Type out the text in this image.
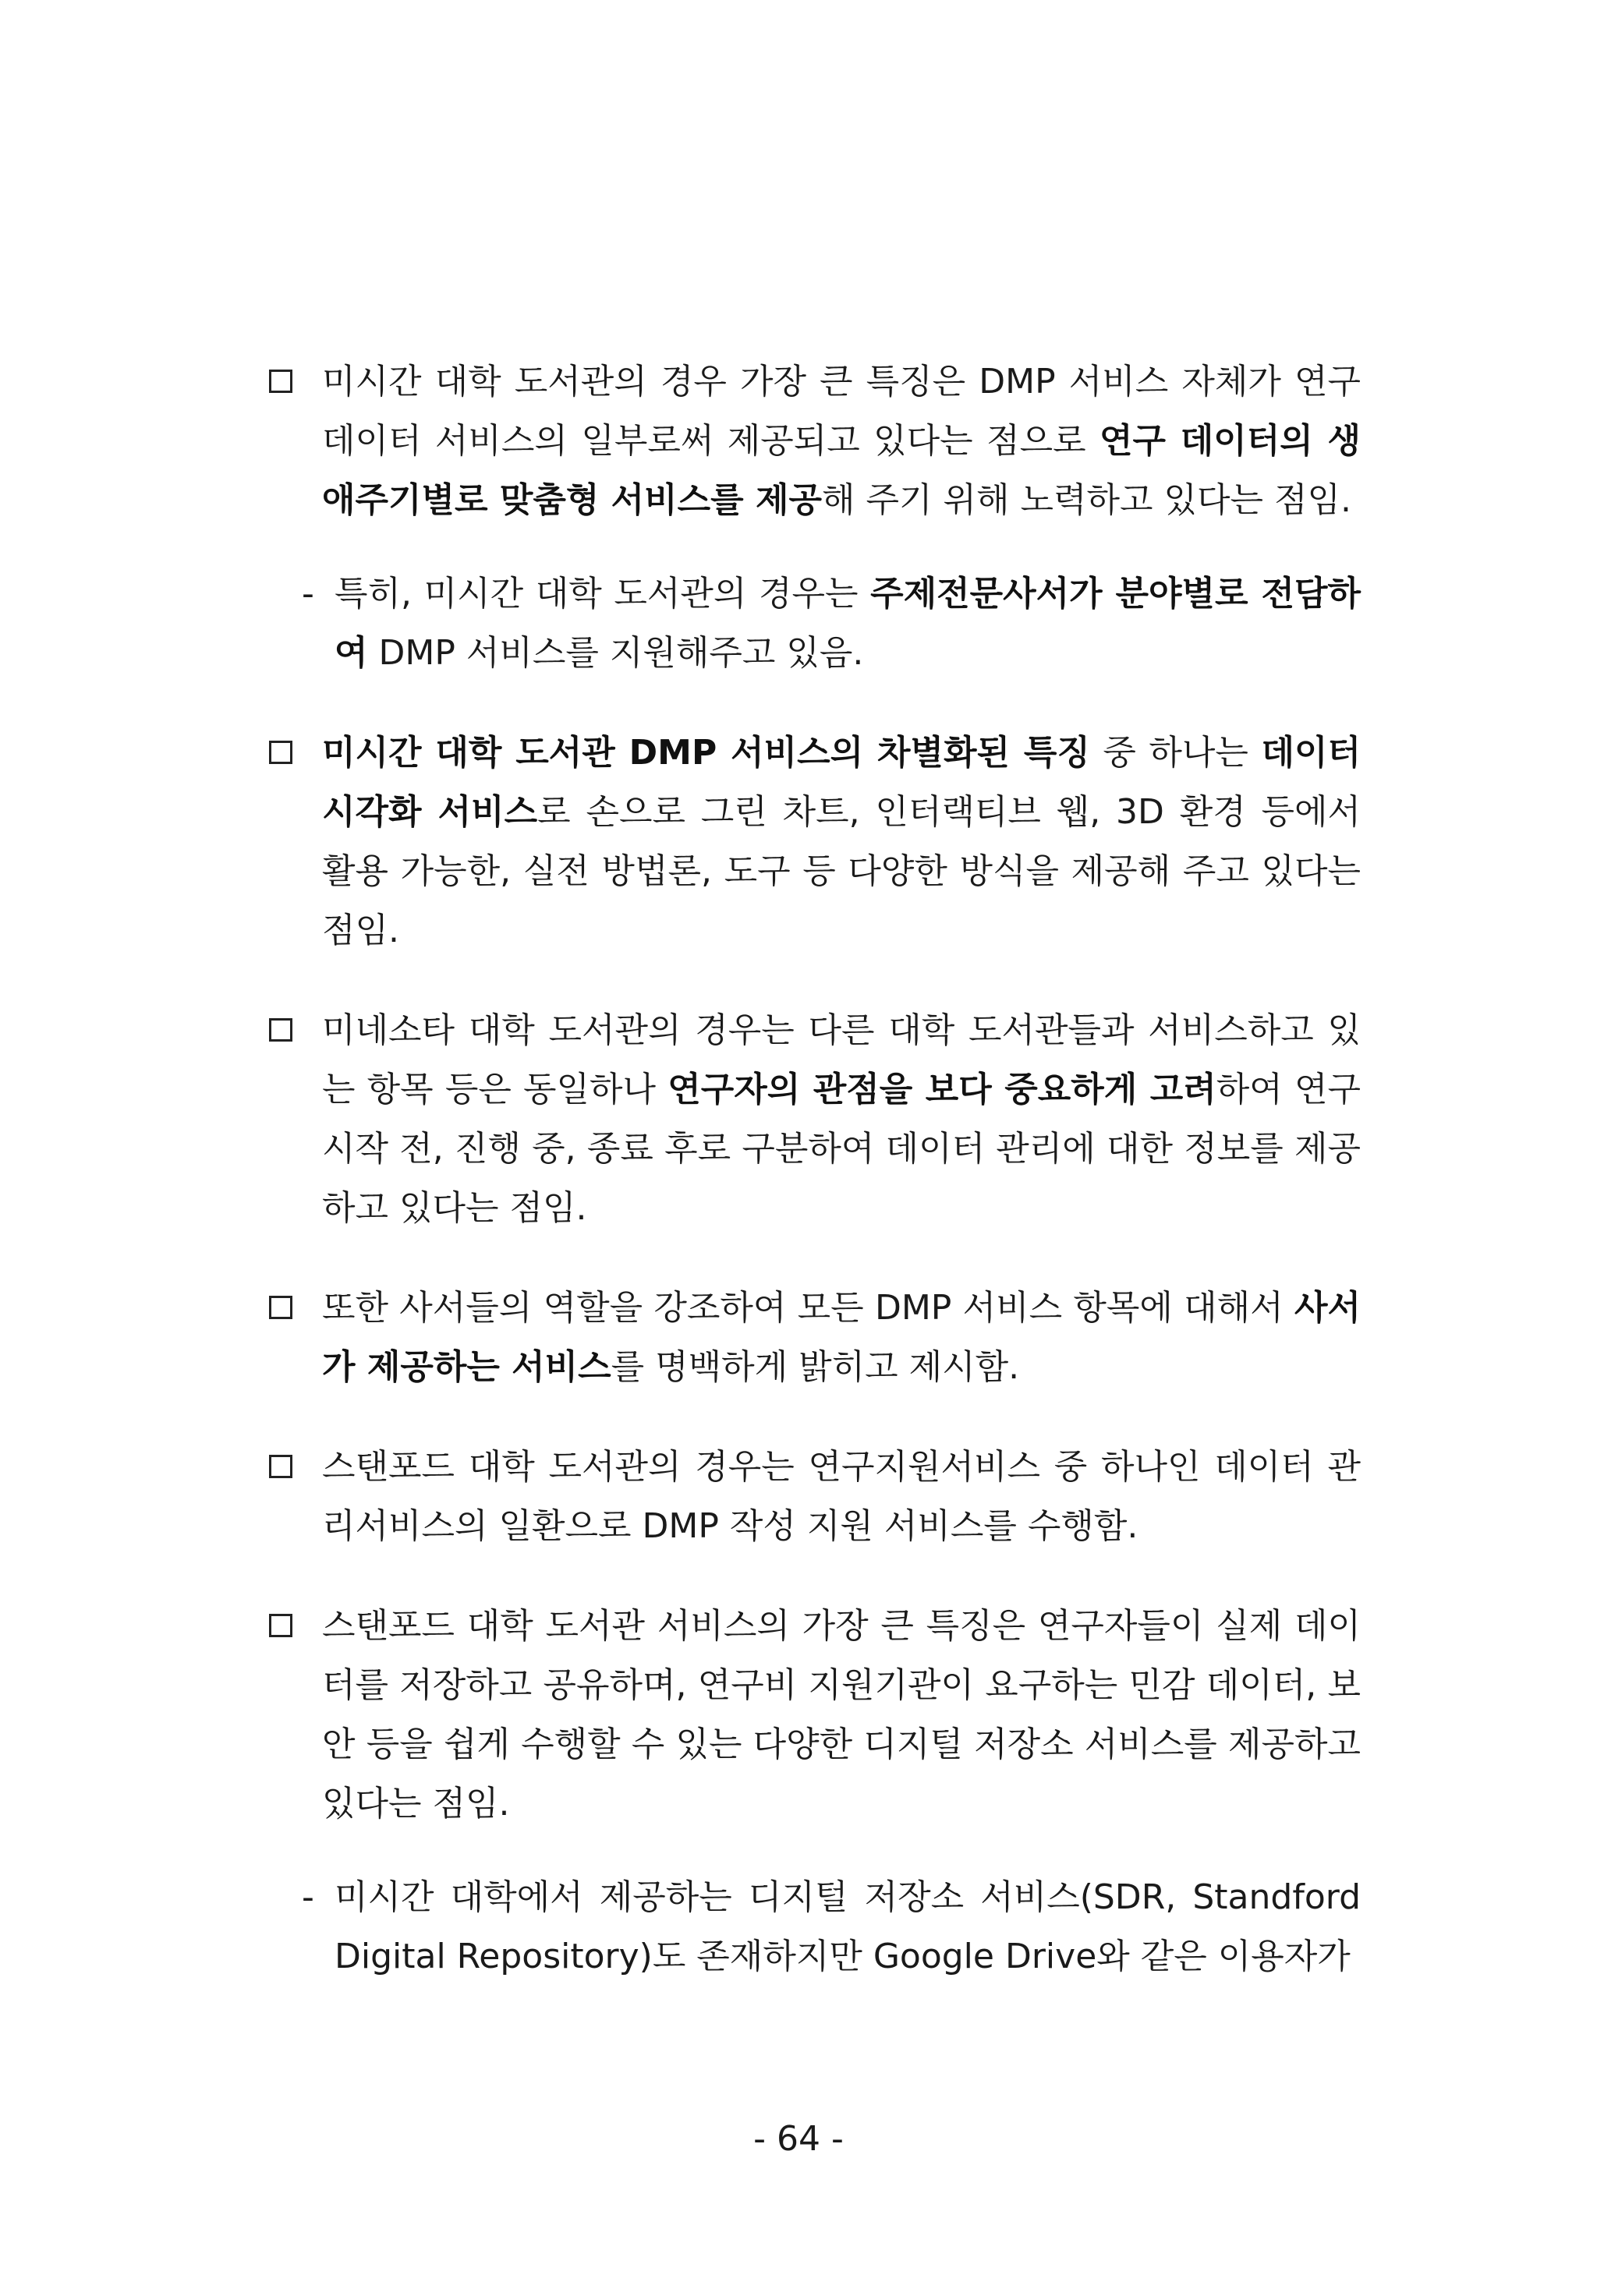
미시간 대학 도서관의 경우 가장 큰 특징은 DMP 서비스 자체가 연구 데이터 서비스의 일부로써 제공되고 있다는 점으로 연구 데이터의 생애주기별로 맞춤형 서비스를 제공해 주기 위해 노력하고 있다는 점임.

- 특히, 미시간 대학 도서관의 경우는 주제전문사서가 분야별로 전담하여 DMP 서비스를 지원해주고 있음.

미시간 대학 도서관 DMP 서비스의 차별화된 특징 중 하나는 데이터 시각화 서비스로 손으로 그린 차트, 인터랙티브 웹, 3D 환경 등에서 활용 가능한, 실전 방법론, 도구 등 다양한 방식을 제공해 주고 있다는 점임.

미네소타 대학 도서관의 경우는 다른 대학 도서관들과 서비스하고 있는 항목 등은 동일하나 연구자의 관점을 보다 중요하게 고려하여 연구 시작 전, 진행 중, 종료 후로 구분하여 데이터 관리에 대한 정보를 제공하고 있다는 점임.

또한 사서들의 역할을 강조하여 모든 DMP 서비스 항목에 대해서 사서가 제공하는 서비스를 명백하게 밝히고 제시함.

스탠포드 대학 도서관의 경우는 연구지원서비스 중 하나인 데이터 관리서비스의 일환으로 DMP 작성 지원 서비스를 수행함.

스탠포드 대학 도서관 서비스의 가장 큰 특징은 연구자들이 실제 데이터를 저장하고 공유하며, 연구비 지원기관이 요구하는 민감 데이터, 보안 등을 쉽게 수행할 수 있는 다양한 디지털 저장소 서비스를 제공하고 있다는 점임.

- 미시간 대학에서 제공하는 디지털 저장소 서비스(SDR, Standford Digital Repository)도 존재하지만 Google Drive와 같은 이용자가

- 64 -
